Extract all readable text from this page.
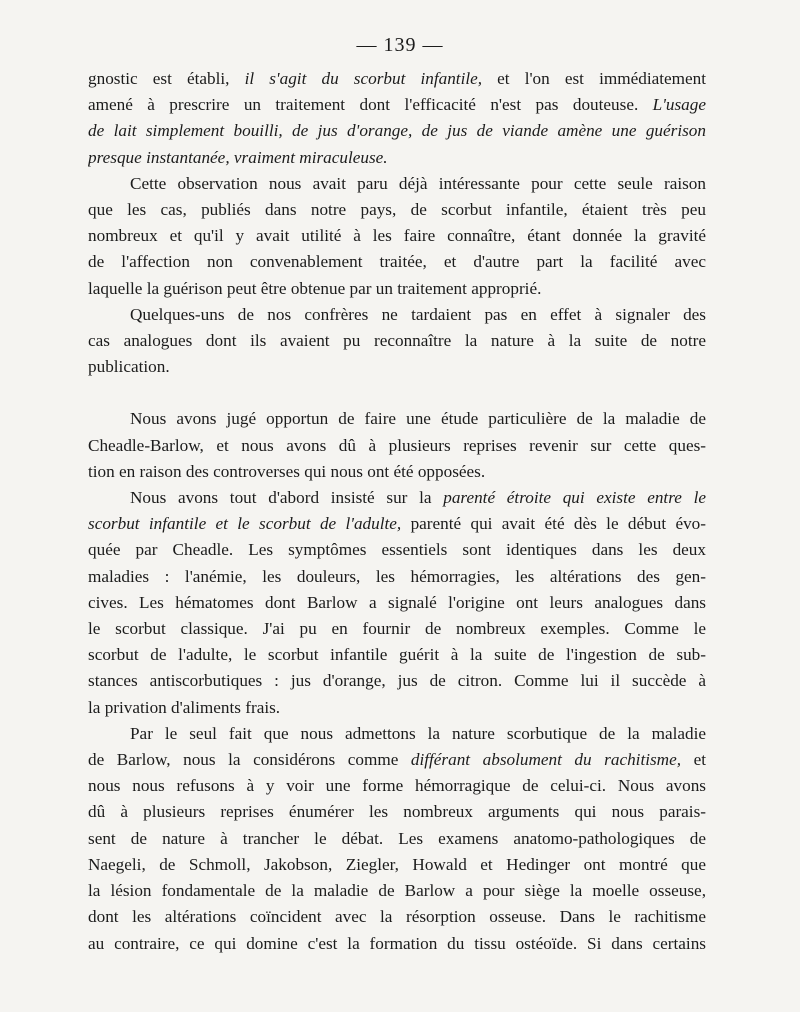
— 139 —
gnostic est établi, il s'agit du scorbut infantile, et l'on est immédiatement
amené à prescrire un traitement dont l'efficacité n'est pas douteuse. L'usage
de lait simplement bouilli, de jus d'orange, de jus de viande amène une guérison
presque instantanée, vraiment miraculeuse.
Cette observation nous avait paru déjà intéressante pour cette seule raison
que les cas, publiés dans notre pays, de scorbut infantile, étaient très peu
nombreux et qu'il y avait utilité à les faire connaître, étant donnée la gravité
de l'affection non convenablement traitée, et d'autre part la facilité avec
laquelle la guérison peut être obtenue par un traitement approprié.
Quelques-uns de nos confrères ne tardaient pas en effet à signaler des
cas analogues dont ils avaient pu reconnaître la nature à la suite de notre
publication.
Nous avons jugé opportun de faire une étude particulière de la maladie de
Cheadle-Barlow, et nous avons dû à plusieurs reprises revenir sur cette ques-
tion en raison des controverses qui nous ont été opposées.
Nous avons tout d'abord insisté sur la parenté étroite qui existe entre le
scorbut infantile et le scorbut de l'adulte, parenté qui avait été dès le début évo-
quée par Cheadle. Les symptômes essentiels sont identiques dans les deux
maladies : l'anémie, les douleurs, les hémorragies, les altérations des gen-
cives. Les hématomes dont Barlow a signalé l'origine ont leurs analogues dans
le scorbut classique. J'ai pu en fournir de nombreux exemples. Comme le
scorbut de l'adulte, le scorbut infantile guérit à la suite de l'ingestion de sub-
stances antiscorbutiques : jus d'orange, jus de citron. Comme lui il succède à
la privation d'aliments frais.
Par le seul fait que nous admettons la nature scorbutique de la maladie
de Barlow, nous la considérons comme différant absolument du rachitisme, et
nous nous refusons à y voir une forme hémorragique de celui-ci. Nous avons
dû à plusieurs reprises énumérer les nombreux arguments qui nous parais-
sent de nature à trancher le débat. Les examens anatomo-pathologiques de
Naegeli, de Schmoll, Jakobson, Ziegler, Howald et Hedinger ont montré que
la lésion fondamentale de la maladie de Barlow a pour siège la moelle osseuse,
dont les altérations coïncident avec la résorption osseuse. Dans le rachitisme
au contraire, ce qui domine c'est la formation du tissu ostéoïde. Si dans certains
